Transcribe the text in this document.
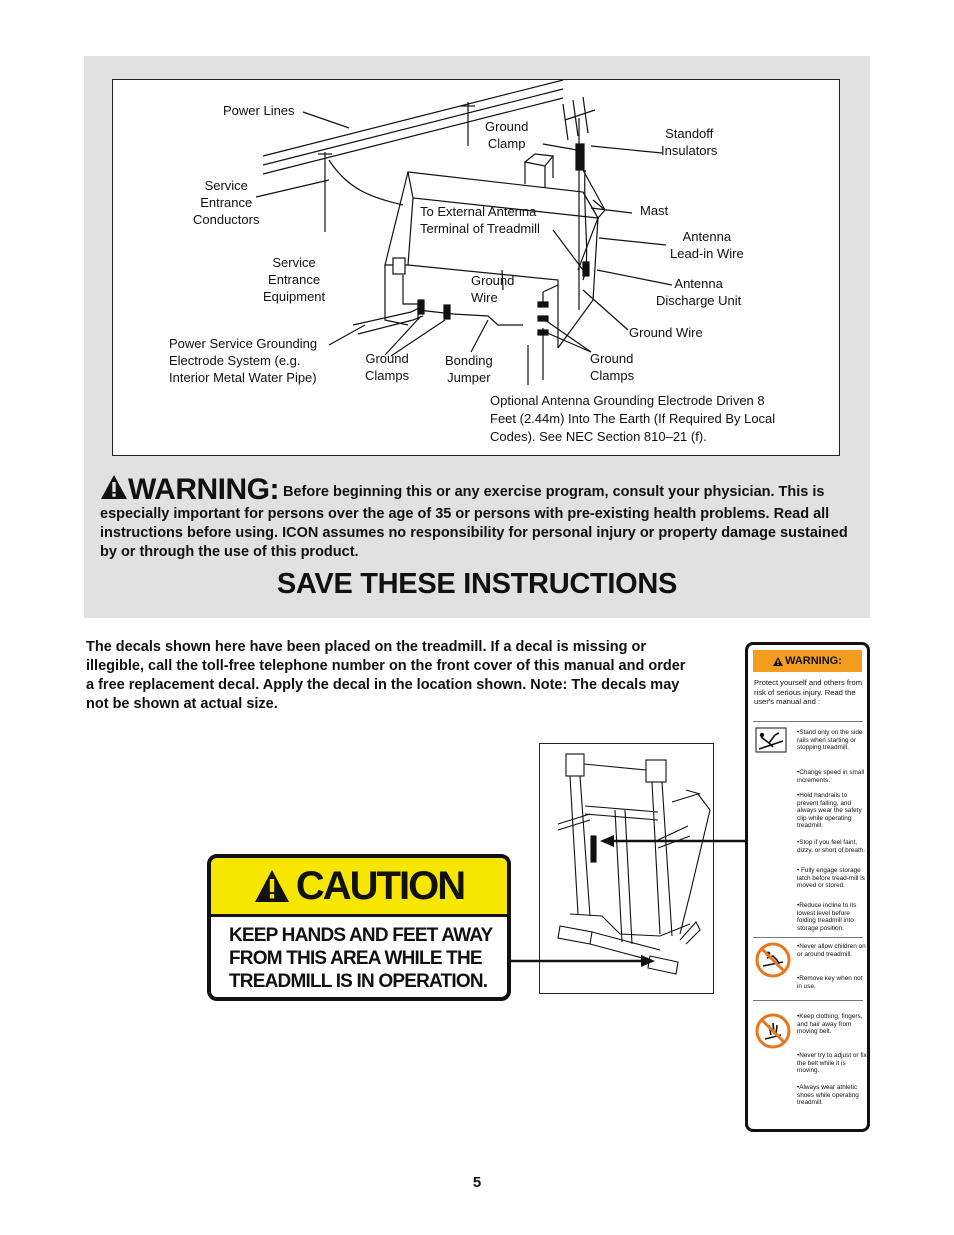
Power Lines
Ground
Clamp
Standoff
Insulators
Service
Entrance
Conductors
To External Antenna
Terminal of Treadmill
Mast
Antenna
Lead-in Wire
Service
Entrance
Equipment
Ground
Wire
Antenna
Discharge Unit
Ground Wire
Power Service Grounding
Electrode System (e.g.
Interior Metal Water Pipe)
Ground
Clamps
Bonding
Jumper
Ground
Clamps
Optional Antenna Grounding Electrode Driven 8
Feet (2.44m) Into The Earth (If Required By Local
Codes). See NEC Section 810–21 (f).
WARNING: Before beginning this or any exercise program, consult your physician. This is especially important for persons over the age of 35 or persons with pre-existing health problems. Read all instructions before using. ICON assumes no responsibility for personal injury or property damage sustained by or through the use of this product.
SAVE THESE INSTRUCTIONS
The decals shown here have been placed on the treadmill. If a decal is missing or illegible, call the toll-free telephone number on the front cover of this manual and order a free replacement decal. Apply the decal in the location shown. Note: The decals may not be shown at actual size.
CAUTION
KEEP HANDS AND FEET AWAY FROM THIS AREA WHILE THE TREADMILL IS IN OPERATION.
WARNING:
Protect yourself and others from risk of serious injury. Read the user's manual and :
•Stand only on the side rails when starting or stopping treadmill.
•Change speed in small increments.
•Hold handrails to prevent falling, and always wear the safety clip while operating treadmill.
•Stop if you feel faint, dizzy, or short of breath.
• Fully engage storage latch before tread-mill is moved or stored.
•Reduce incline to its lowest level before folding treadmill into storage position.
•Never allow children on or around treadmill.
•Remove key when not in use.
•Keep clothing, fingers, and hair away from moving belt.
•Never try to adjust or fix the belt while it is moving.
•Always wear athletic shoes while operating treadmill.
5
